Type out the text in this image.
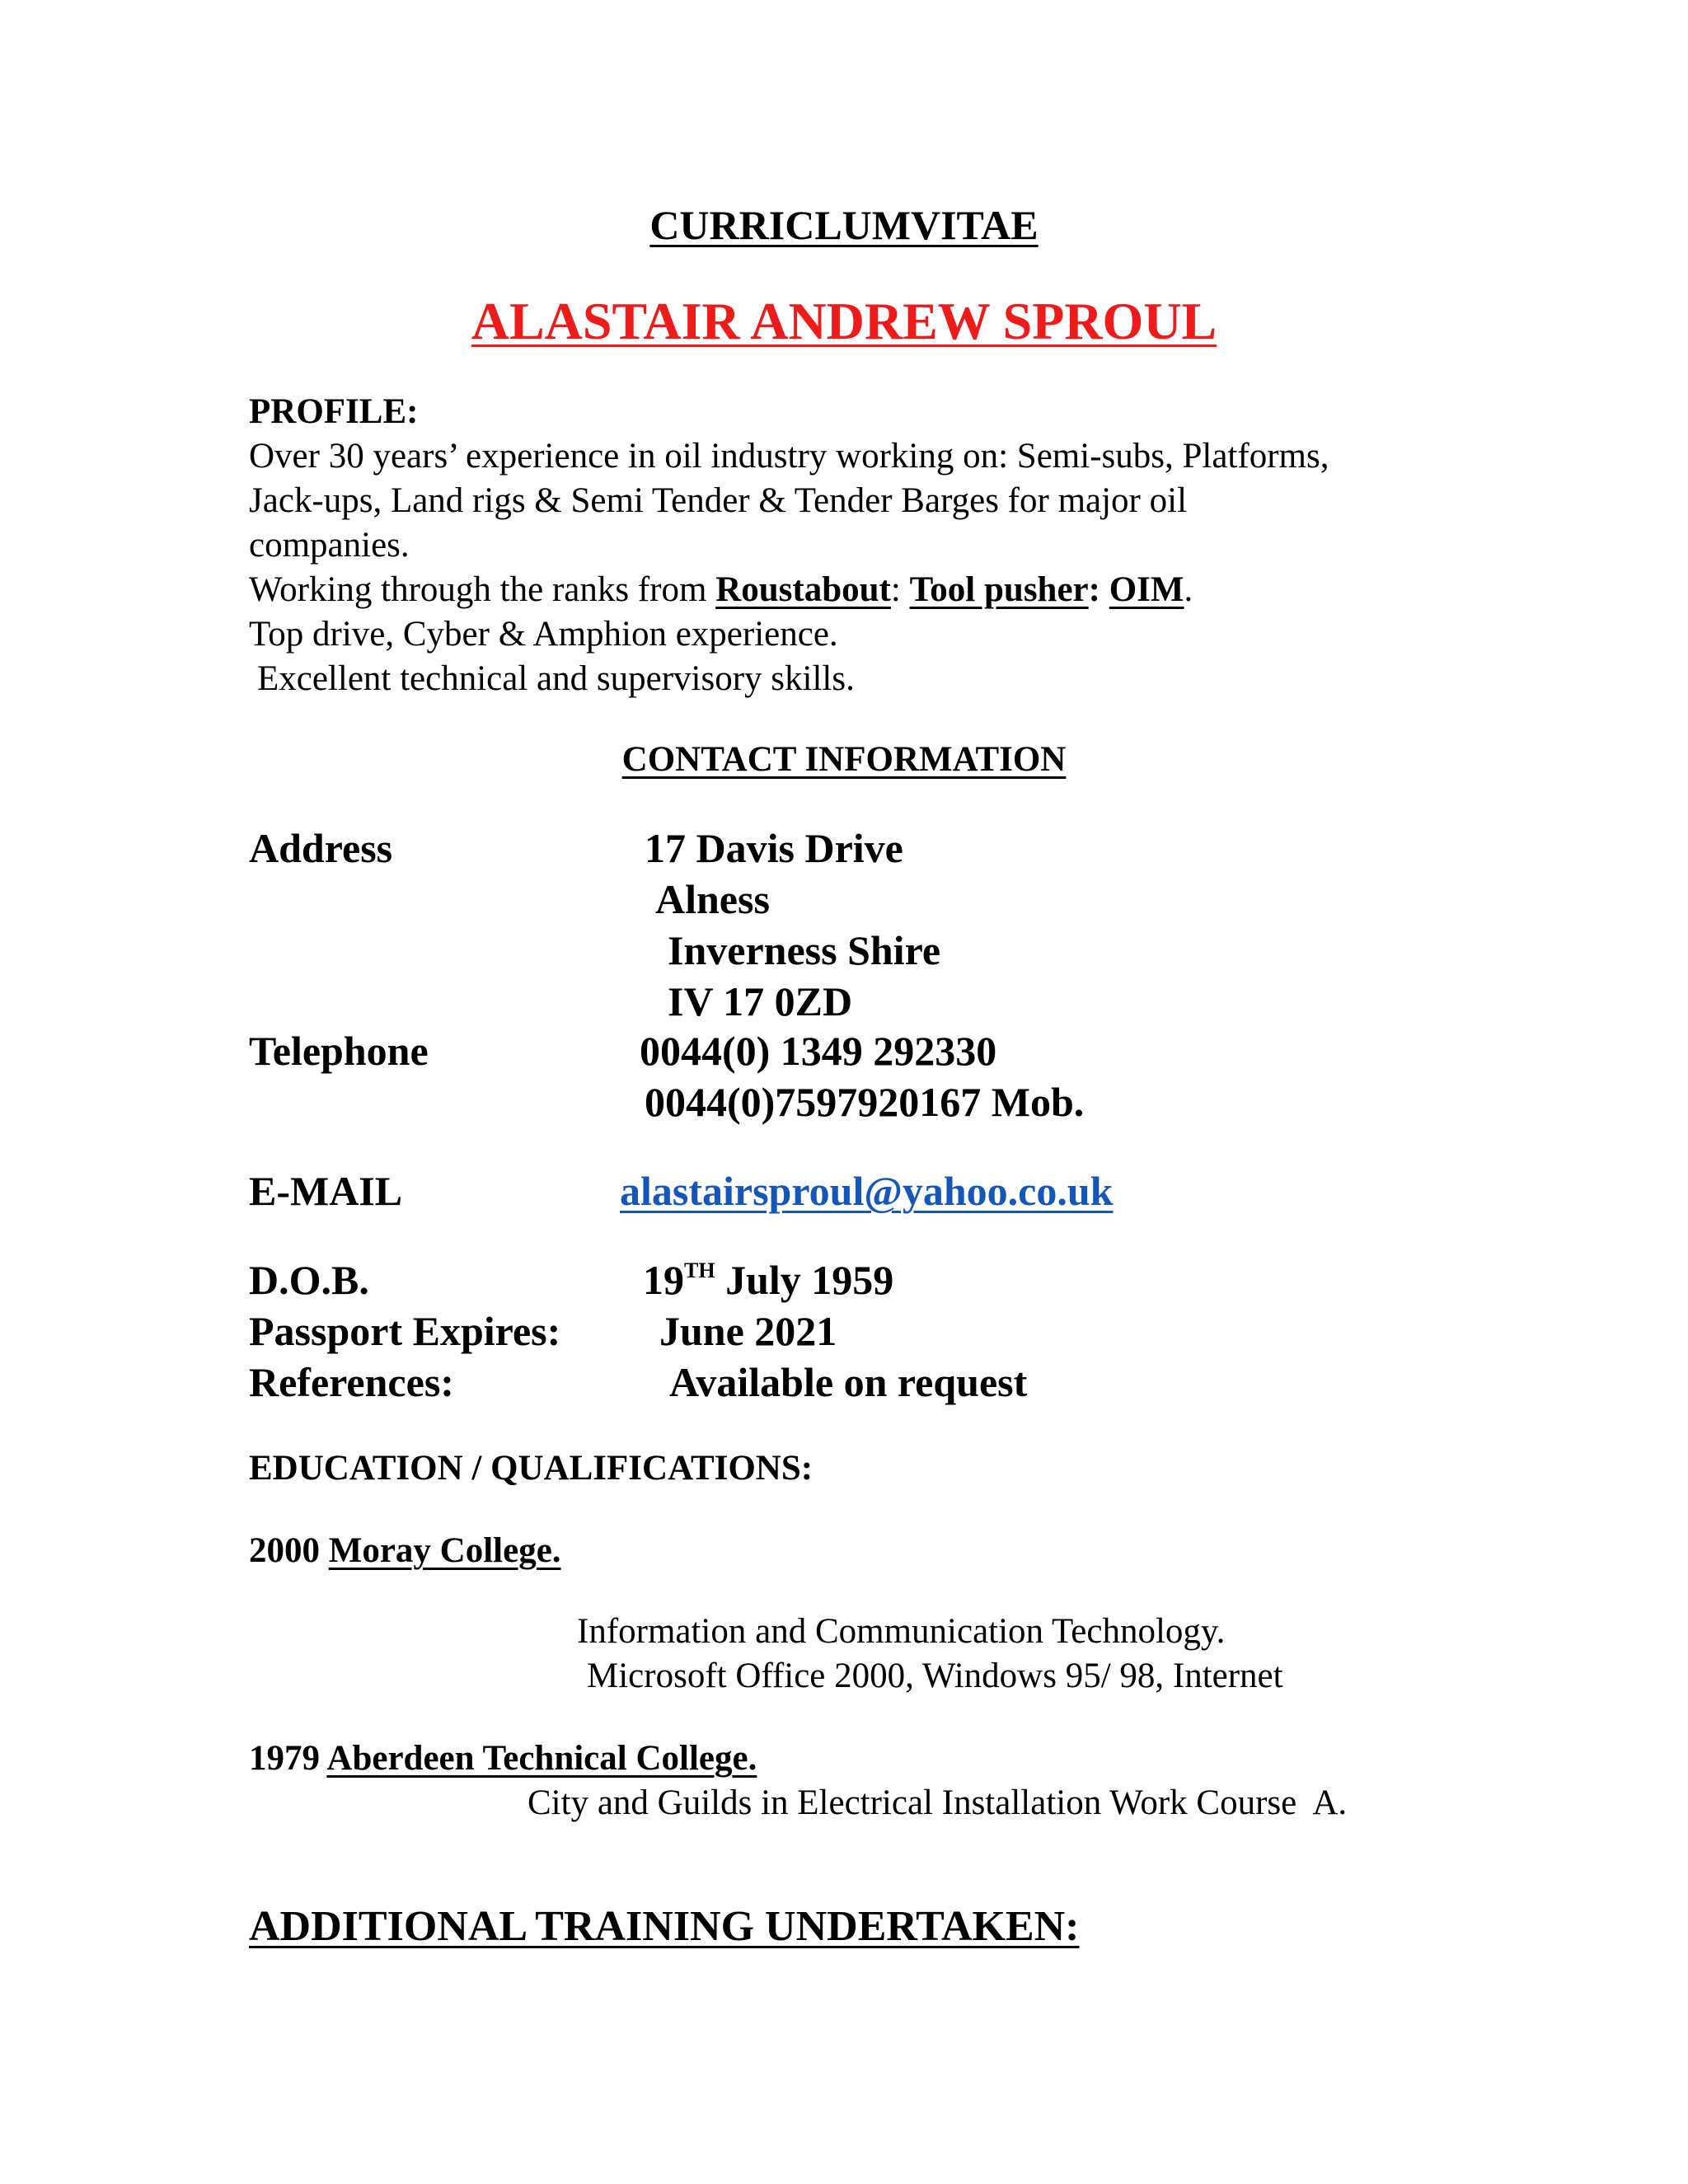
CURRICLUMVITAE
ALASTAIR ANDREW SPROUL
PROFILE:
Over 30 years’ experience in oil industry working on: Semi-subs, Platforms,
Jack-ups, Land rigs & Semi Tender & Tender Barges for major oil
companies.
Working through the ranks from Roustabout: Tool pusher: OIM.
Top drive, Cyber & Amphion experience.
Excellent technical and supervisory skills.
CONTACT INFORMATION
Address	17 Davis Drive
Alness
Inverness Shire
IV 17 0ZD
Telephone	0044(0) 1349 292330
0044(0)7597920167 Mob.
E-MAIL	alastairsproul@yahoo.co.uk
D.O.B.	19TH July 1959
Passport Expires: June 2021
References:	Available on request
EDUCATION / QUALIFICATIONS:
2000 Moray College.
Information and Communication Technology.
Microsoft Office 2000, Windows 95/ 98, Internet
1979 Aberdeen Technical College.
City and Guilds in Electrical Installation Work Course  A.
ADDITIONAL TRAINING UNDERTAKEN:
